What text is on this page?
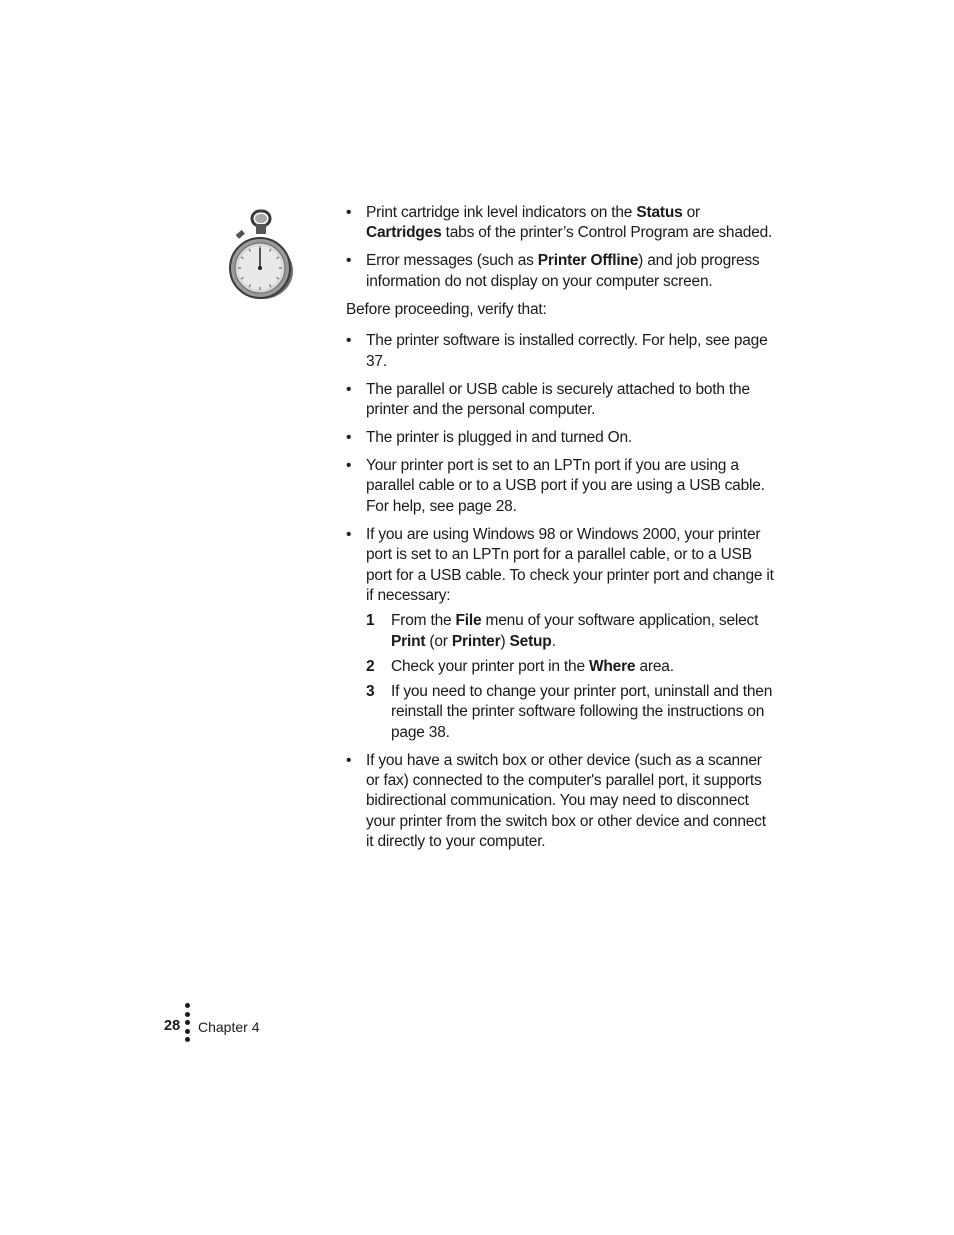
• Print cartridge ink level indicators on the Status or Cartridges tabs of the printer’s Control Program are shaded.
• Error messages (such as Printer Offline) and job progress information do not display on your computer screen.

Before proceeding, verify that:

• The printer software is installed correctly. For help, see page 37.
• The parallel or USB cable is securely attached to both the printer and the personal computer.
• The printer is plugged in and turned On.
• Your printer port is set to an LPTn port if you are using a parallel cable or to a USB port if you are using a USB cable. For help, see page 28.
• If you are using Windows 98 or Windows 2000, your printer port is set to an LPTn port for a parallel cable, or to a USB port for a USB cable. To check your printer port and change it if necessary:
1 From the File menu of your software application, select Print (or Printer) Setup.
2 Check your printer port in the Where area.
3 If you need to change your printer port, uninstall and then reinstall the printer software following the instructions on page 38.
• If you have a switch box or other device (such as a scanner or fax) connected to the computer's parallel port, it supports bidirectional communication. You may need to disconnect your printer from the switch box or other device and connect it directly to your computer.
28 Chapter 4
